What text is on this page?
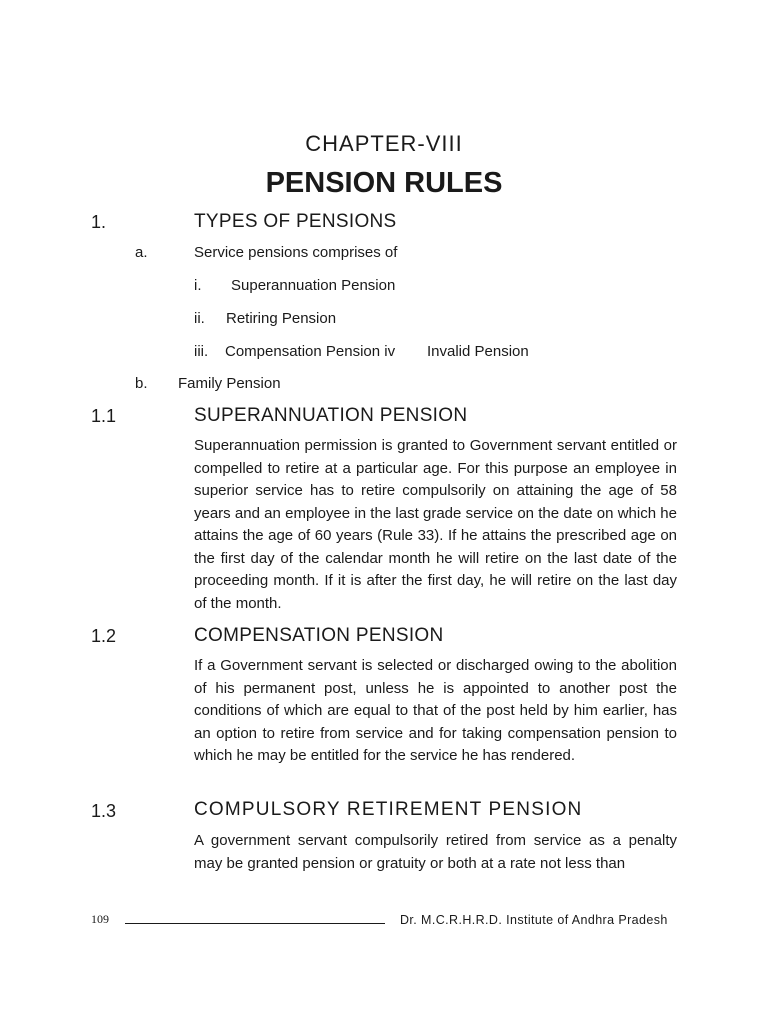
CHAPTER-VIII
PENSION RULES
1.	TYPES OF PENSIONS
a.	Service pensions comprises of
i. Superannuation Pension
ii. Retiring Pension
iii. Compensation Pension iv Invalid Pension
b. Family Pension
1.1	SUPERANNUATION PENSION
Superannuation permission is granted to Government servant entitled or compelled to retire at a particular age. For this purpose an employee in superior service has to retire compulsorily on attaining the age of 58 years and an employee in the last grade service on the date on which he attains the age of 60 years (Rule 33). If he attains the prescribed age on the first day of the calendar month he will retire on the last date of the proceeding month. If it is after the first day, he will retire on the last day of the month.
1.2	COMPENSATION PENSION
If a Government servant is selected or discharged owing to the abolition of his permanent post, unless he is appointed to another post the conditions of which are equal to that of the post held by him earlier, has an option to retire from service and for taking compensation pension to which he may be entitled for the service he has rendered.
1.3	COMPULSORY RETIREMENT PENSION
A government servant compulsorily retired from service as a penalty may be granted pension or gratuity or both at a rate not less than
109	Dr. M.C.R.H.R.D. Institute of Andhra Pradesh
